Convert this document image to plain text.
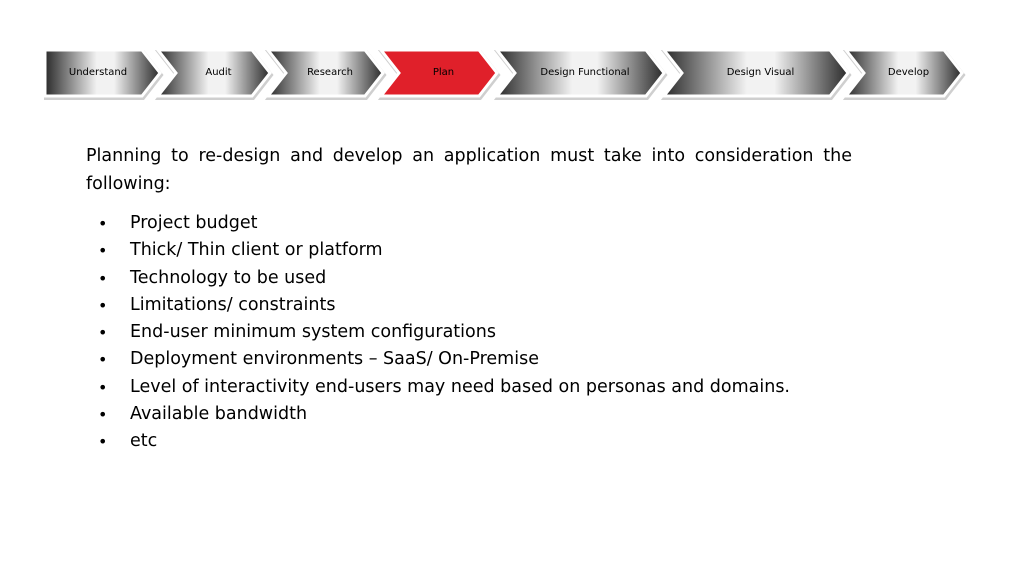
Understand	Audit	Research	Plan	Design Functional	Design Visual	Develop

Planning to re-design and develop an application must take into consideration the following:

• Project budget
• Thick/ Thin client or platform
• Technology to be used
• Limitations/ constraints
• End-user minimum system configurations
• Deployment environments – SaaS/ On-Premise
• Level of interactivity end-users may need based on personas and domains.
• Available bandwidth
• etc
